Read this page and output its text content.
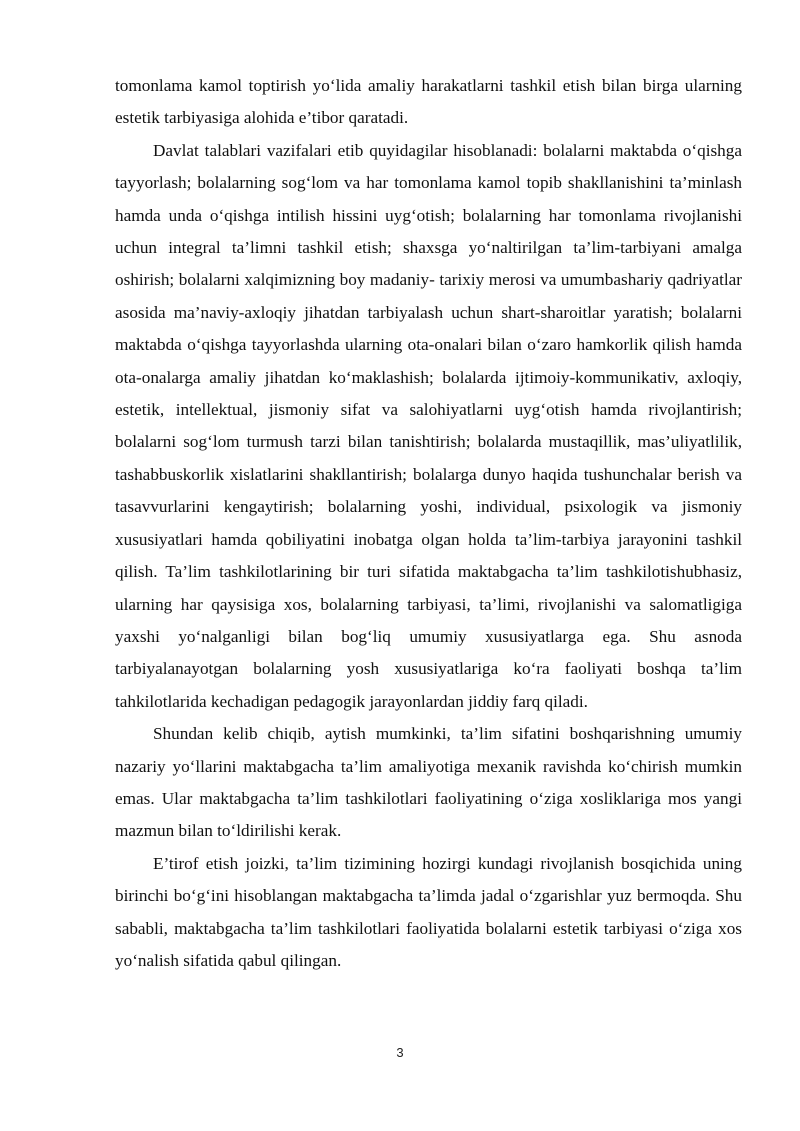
tomonlama kamol toptirish yo‘lida amaliy harakatlarni tashkil etish bilan birga ularning estetik tarbiyasiga alohida e’tibor qaratadi.

Davlat talablari vazifalari etib quyidagilar hisoblanadi: bolalarni maktabda o‘qishga tayyorlash; bolalarning sog‘lom va har tomonlama kamol topib shakllanishini ta’minlash hamda unda o‘qishga intilish hissini uyg‘otish; bolalarning har tomonlama rivojlanishi uchun integral ta’limni tashkil etish; shaxsga yo‘naltirilgan ta’lim-tarbiyani amalga oshirish; bolalarni xalqimizning boy madaniy- tarixiy merosi va umumbashariy qadriyatlar asosida ma’naviy-axloqiy jihatdan tarbiyalash uchun shart-sharoitlar yaratish; bolalarni maktabda o‘qishga tayyorlashda ularning ota-onalari bilan o‘zaro hamkorlik qilish hamda ota-onalarga amaliy jihatdan ko‘maklashish; bolalarda ijtimoiy-kommunikativ, axloqiy, estetik, intellektual, jismoniy sifat va salohiyatlarni uyg‘otish hamda rivojlantirish; bolalarni sog‘lom turmush tarzi bilan tanishtirish; bolalarda mustaqillik, mas’uliyatlilik, tashabbuskorlik xislatlarini shakllantirish; bolalarga dunyo haqida tushunchalar berish va tasavvurlarini kengaytirish; bolalarning yoshi, individual, psixologik va jismoniy xususiyatlari hamda qobiliyatini inobatga olgan holda ta’lim-tarbiya jarayonini tashkil qilish. Ta’lim tashkilotlarining bir turi sifatida maktabgacha ta’lim tashkilotishubhasiz, ularning har qaysisiga xos, bolalarning tarbiyasi, ta’limi, rivojlanishi va salomatligiga yaxshi yo‘nalganligi bilan bog‘liq umumiy xususiyatlarga ega. Shu asnoda tarbiyalanayotgan bolalarning yosh xususiyatlariga ko‘ra faoliyati boshqa ta’lim tahkilotlarida kechadigan pedagogik jarayonlardan jiddiy farq qiladi.

Shundan kelib chiqib, aytish mumkinki, ta’lim sifatini boshqarishning umumiy nazariy yo‘llarini maktabgacha ta’lim amaliyotiga mexanik ravishda ko‘chirish mumkin emas. Ular maktabgacha ta’lim tashkilotlari faoliyatining o‘ziga xosliklariga mos yangi mazmun bilan to‘ldirilishi kerak.

E’tirof etish joizki, ta’lim tizimining hozirgi kundagi rivojlanish bosqichida uning birinchi bo‘g‘ini hisoblangan maktabgacha ta’limda jadal o‘zgarishlar yuz bermoqda. Shu sababli, maktabgacha ta’lim tashkilotlari faoliyatida bolalarni estetik tarbiyasi o‘ziga xos yo‘nalish sifatida qabul qilingan.

3
